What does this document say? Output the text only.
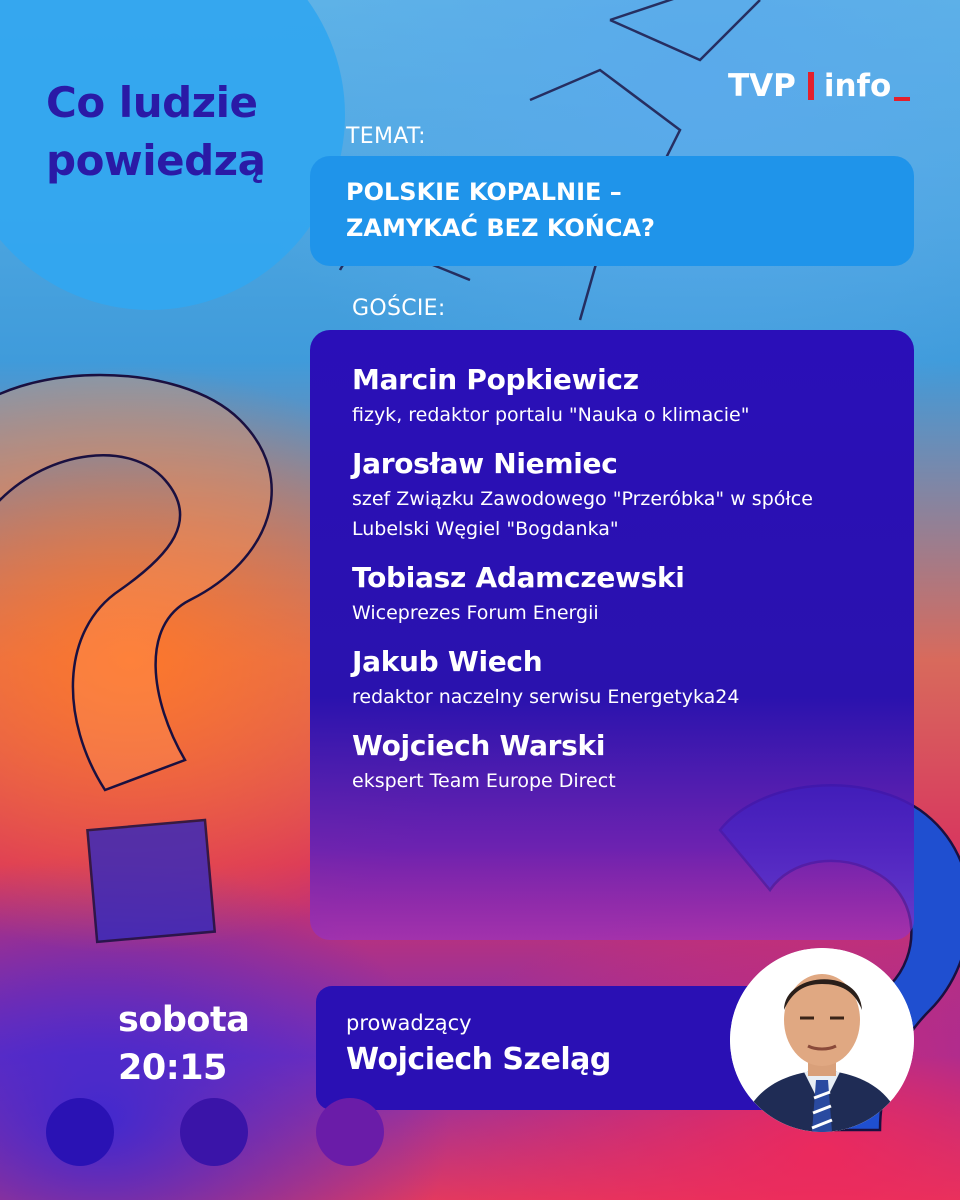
Co ludzie
powiedzą
TVP info
TEMAT:
POLSKIE KOPALNIE –
ZAMYKAĆ BEZ KOŃCA?
GOŚCIE:
Marcin Popkiewicz
fizyk, redaktor portalu "Nauka o klimacie"
Jarosław Niemiec
szef Związku Zawodowego "Przeróbka" w spółce Lubelski Węgiel "Bogdanka"
Tobiasz Adamczewski
Wiceprezes Forum Energii
Jakub Wiech
redaktor naczelny serwisu Energetyka24
Wojciech Warski
ekspert Team Europe Direct
sobota
20:15
prowadzący
Wojciech Szeląg
